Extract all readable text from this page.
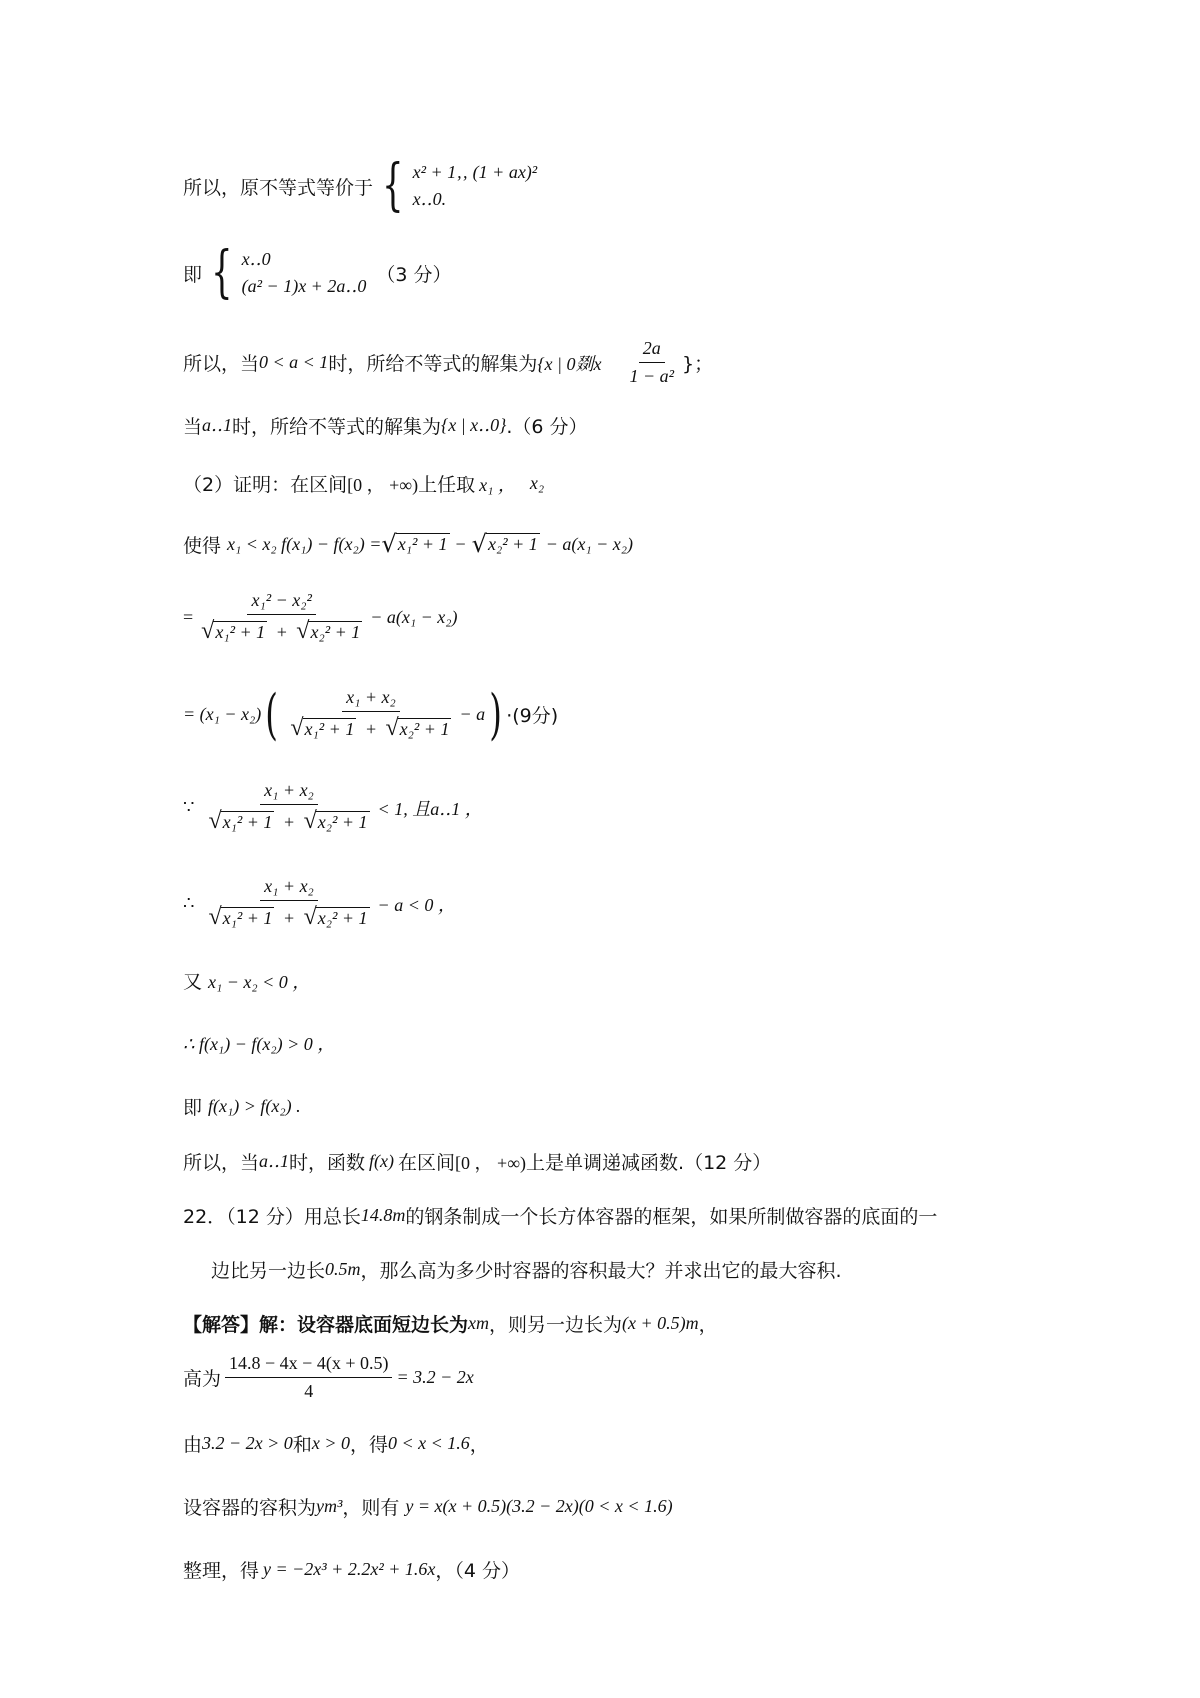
所以，原不等式等价于 { x² + 1‚‚ (1 + ax)²
x‥0.
即 { x‥0
(a² − 1)x + 2a‥0
（3 分）
所以，当 0 < a < 1 时，所给不等式的解集为 {x | 0剟x $\frac{2a}{\text{1 − a²}}$ }；
当 a‥1 时，所给不等式的解集为 {x | x‥0} .（6 分）
（2）证明：在区间 [0 ， +∞) 上任取 x₁ ， x₂
使得 x₁ < x₂ f(x₁) − f(x₂) = √ x₁² + 1 − √ x₂² + 1 − a(x₁ − x₂)
= $\frac{\text{x₁² − x₂²}}{\text{√x₁² + 1 + √x₂² + 1}} - a(x_1 - x_2)$
= (x₁ − x₂) ( $\frac{\text{x₁ + x₂}}{\text{√x₁² + 1 + √x₂² + 1}} - a$ ) ·(9分)
∵ $\frac{\text{x₁ + x₂}}{\text{√x₁² + 1 + √x₂² + 1}} < 1$, 且a‥1 ，
∴ $\frac{\text{x₁ + x₂}}{\text{√x₁² + 1 + √x₂² + 1}} - a < 0$ ，
又 x₁ − x₂ < 0 ，
∴ f(x₁) − f(x₂) > 0 ，
即 f(x₁) > f(x₂) .
所以，当 a‥1 时，函数 f(x) 在区间 [0 ， +∞) 上是单调递减函数.（12 分）
22．（12 分）用总长 14.8m 的钢条制成一个长方体容器的框架，如果所制做容器的底面的一
边比另一边长 0.5m ，那么高为多少时容器的容积最大？并求出它的最大容积.
【解答】解：设容器底面短边长为 xm ，则另一边长为 (x + 0.5)m ，
高为 $\frac{14.8 - 4x - 4(x + 0.5)}{4} = 3.2 - 2x$
由 3.2 − 2x > 0 和 x > 0 ，得 0 < x < 1.6 ，
设容器的容积为 ym³ ，则有 y = x(x + 0.5)(3.2 − 2x)(0 < x < 1.6)
整理，得 y = −2x³ + 2.2x² + 1.6x ，（4 分）
